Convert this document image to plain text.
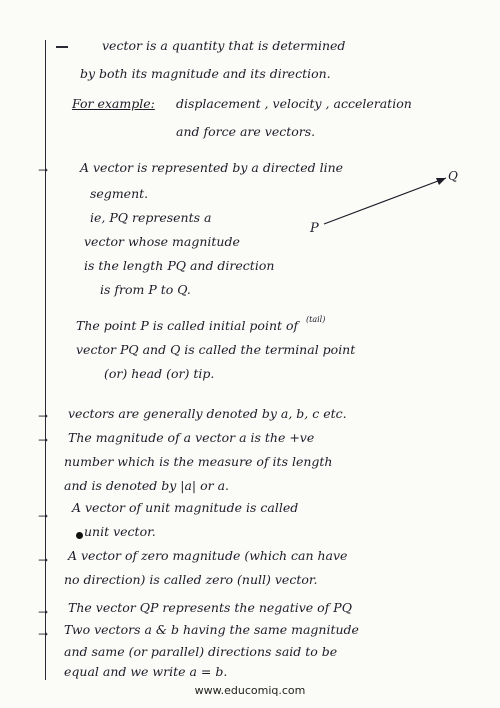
vector is a quantity that is determined
by both its magnitude and its direction.
For example:	displacement , velocity , acceleration
and force are vectors.
→	A vector is represented by a directed line
segment.
ie, PQ represents a
vector whose magnitude
is the length PQ and direction
is from P to Q.
P
Q
The point P is called initial point of (tail)
vector PQ and Q is called the terminal point
(or) head (or) tip.
→ vectors are generally denoted by a, b, c etc.
→ The magnitude of a vector a is the +ve
number which is the measure of its length
and is denoted by |a| or a.
→
A vector of unit magnitude is called
unit vector.
→ A vector of zero magnitude (which can have
no direction) is called zero (null) vector.
→ The vector QP represents the negative of PQ
→ Two vectors a & b having the same magnitude
and same (or parallel) directions said to be
equal and we write a = b.
www.educomiq.com
